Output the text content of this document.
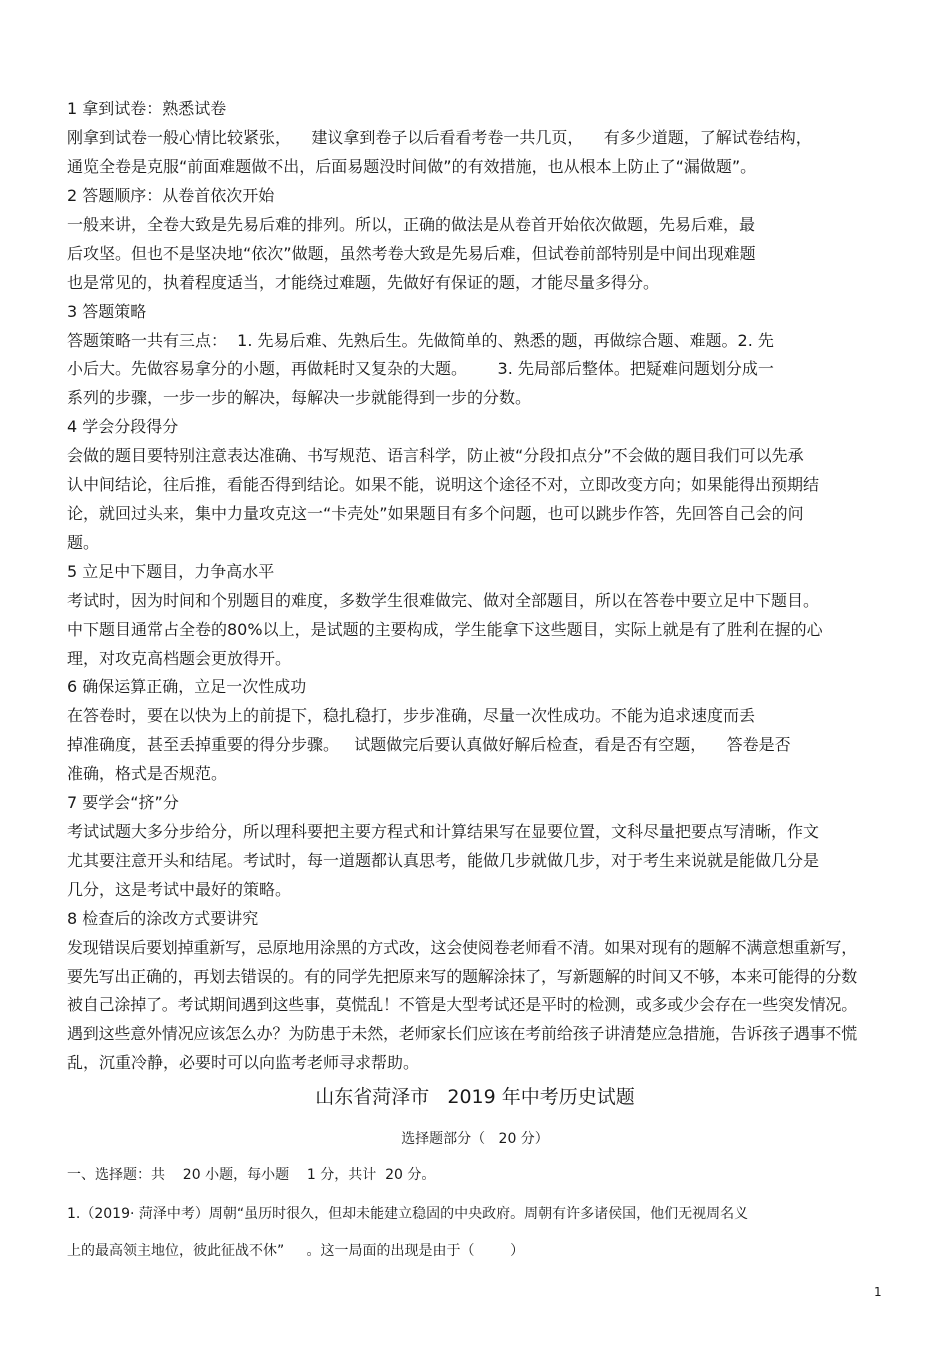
1 拿到试卷：熟悉试卷
刚拿到试卷一般心情比较紧张，    建议拿到卷子以后看看考卷一共几页，    有多少道题，了解试卷结构，
通览全卷是克服“前面难题做不出，后面易题没时间做”的有效措施，也从根本上防止了“漏做题”。
2 答题顺序：从卷首依次开始
一般来讲，全卷大致是先易后难的排列。所以，正确的做法是从卷首开始依次做题，先易后难，最
后攻坚。但也不是坚决地“依次”做题，虽然考卷大致是先易后难，但试卷前部特别是中间出现难题
也是常见的，执着程度适当，才能绕过难题，先做好有保证的题，才能尽量多得分。
3 答题策略
答题策略一共有三点：  1. 先易后难、先熟后生。先做简单的、熟悉的题，再做综合题、难题。2. 先
小后大。先做容易拿分的小题，再做耗时又复杂的大题。      3. 先局部后整体。把疑难问题划分成一
系列的步骤，一步一步的解决，每解决一步就能得到一步的分数。
4 学会分段得分
会做的题目要特别注意表达准确、书写规范、语言科学，防止被“分段扣点分”不会做的题目我们可以先承
认中间结论，往后推，看能否得到结论。如果不能，说明这个途径不对，立即改变方向；如果能得出预期结
论，就回过头来，集中力量攻克这一“卡壳处”如果题目有多个问题，也可以跳步作答，先回答自己会的问
题。
5 立足中下题目，力争高水平
考试时，因为时间和个别题目的难度，多数学生很难做完、做对全部题目，所以在答卷中要立足中下题目。
中下题目通常占全卷的80%以上，是试题的主要构成，学生能拿下这些题目，实际上就是有了胜利在握的心
理，对攻克高档题会更放得开。
6 确保运算正确，立足一次性成功
在答卷时，要在以快为上的前提下，稳扎稳打，步步准确，尽量一次性成功。不能为追求速度而丢
掉准确度，甚至丢掉重要的得分步骤。   试题做完后要认真做好解后检查，看是否有空题，    答卷是否
准确，格式是否规范。
7 要学会“挤”分
考试试题大多分步给分，所以理科要把主要方程式和计算结果写在显要位置，文科尽量把要点写清晰，作文
尤其要注意开头和结尾。考试时，每一道题都认真思考，能做几步就做几步，对于考生来说就是能做几分是
几分，这是考试中最好的策略。
8 检查后的涂改方式要讲究
发现错误后要划掉重新写，忌原地用涂黑的方式改，这会使阅卷老师看不清。如果对现有的题解不满意想重新写，
要先写出正确的，再划去错误的。有的同学先把原来写的题解涂抹了，写新题解的时间又不够，本来可能得的分数
被自己涂掉了。考试期间遇到这些事，莫慌乱！不管是大型考试还是平时的检测，或多或少会存在一些突发情况。
遇到这些意外情况应该怎么办？为防患于未然，老师家长们应该在考前给孩子讲清楚应急措施，告诉孩子遇事不慌
乱，沉重冷静，必要时可以向监考老师寻求帮助。
山东省菏泽市   2019 年中考历史试题
选择题部分（   20 分）
一、选择题：共    20 小题，每小题    1 分，共计  20 分。
1.（2019· 菏泽中考）周朝“虽历时很久，但却未能建立稳固的中央政府。周朝有许多诸侯国，他们无视周名义
上的最高领主地位，彼此征战不休”     。这一局面的出现是由于（        ）
1
